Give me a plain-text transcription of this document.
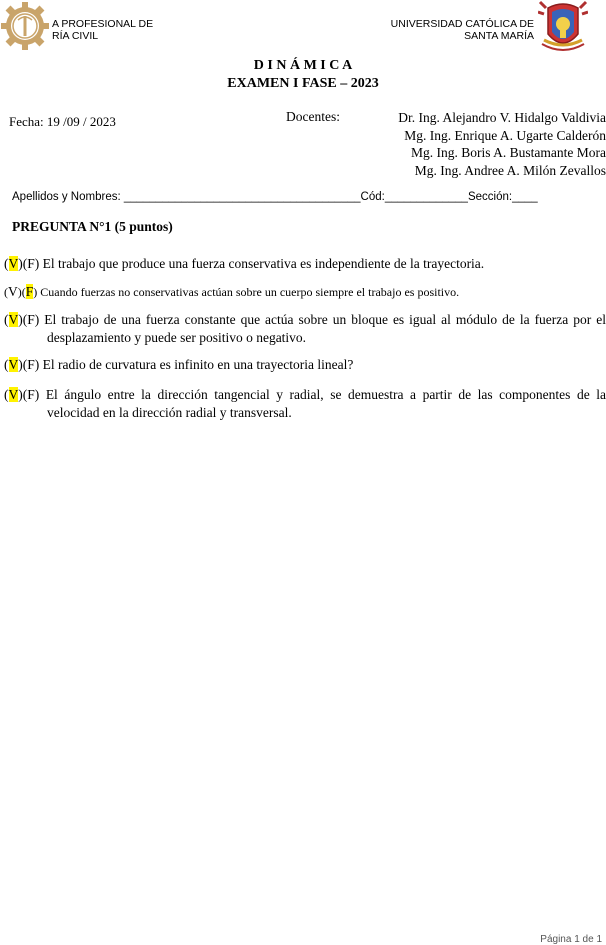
A PROFESIONAL DE
RÍA CIVIL
UNIVERSIDAD CATÓLICA DE
SANTA MARÍA
D I N Á M I C A
EXAMEN I FASE – 2023
Fecha: 19 /09 / 2023	Docentes:	Dr. Ing. Alejandro V. Hidalgo Valdivia
Mg. Ing. Enrique A. Ugarte Calderón
Mg. Ing. Boris A. Bustamante Mora
Mg. Ing. Andree A. Milón Zevallos
Apellidos y Nombres: _____________________________________Cód:_____________Sección:____
PREGUNTA N°1 (5 puntos)
(V)(F) El trabajo que produce una fuerza conservativa es independiente de la trayectoria.
(V)(F) Cuando fuerzas no conservativas actúan sobre un cuerpo siempre el trabajo es positivo.
(V)(F) El trabajo de una fuerza constante que actúa sobre un bloque es igual al módulo de la fuerza por el desplazamiento y puede ser positivo o negativo.
(V)(F) El radio de curvatura es infinito en una trayectoria lineal?
(V)(F) El ángulo entre la dirección tangencial y radial, se demuestra a partir de las componentes de la velocidad en la dirección radial y transversal.
Página 1 de 1
